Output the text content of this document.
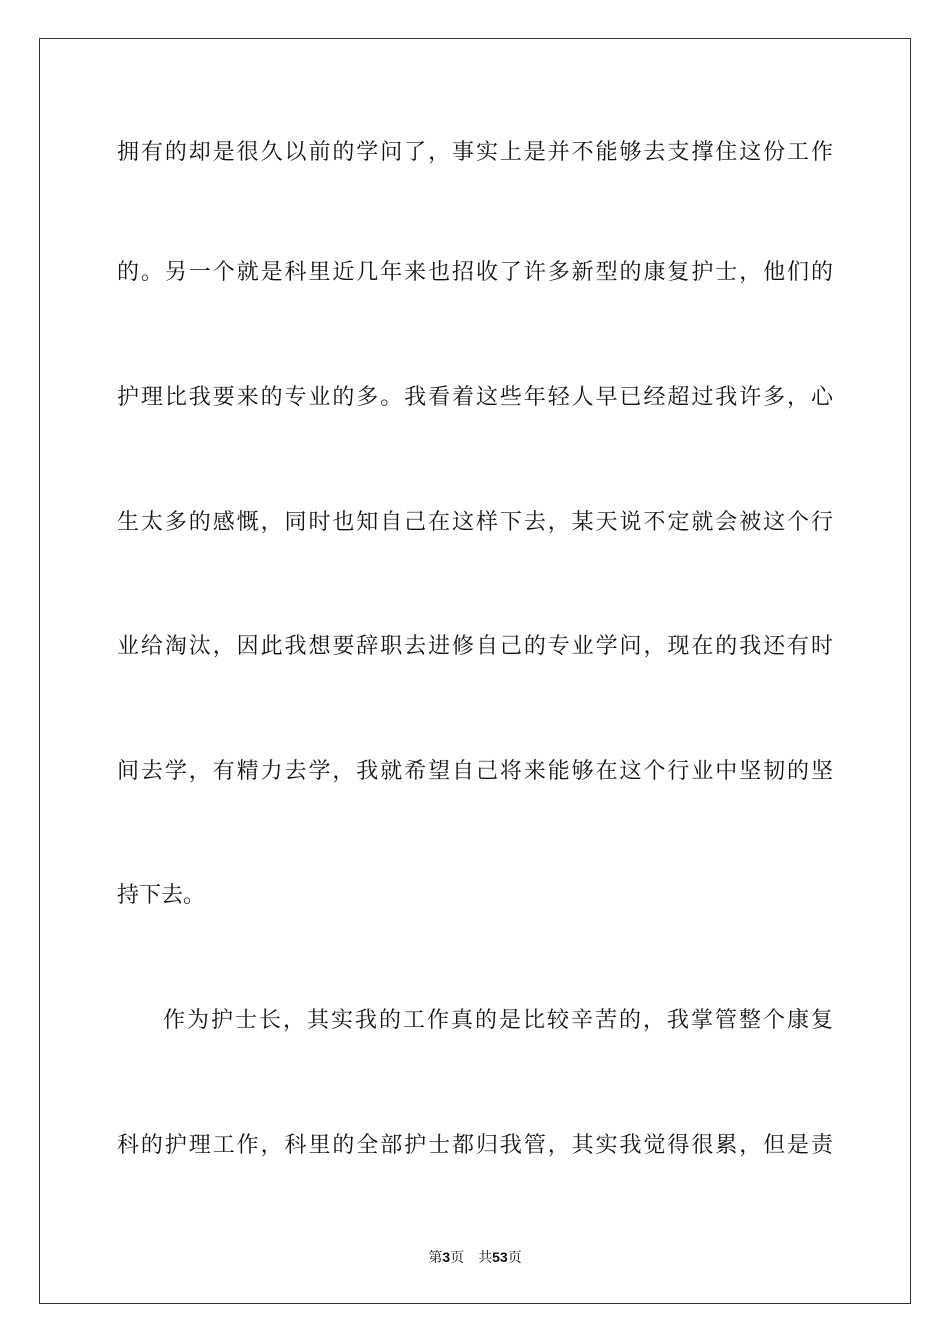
拥有的却是很久以前的学问了，事实上是并不能够去支撑住这份工作
的。另一个就是科里近几年来也招收了许多新型的康复护士，他们的
护理比我要来的专业的多。我看着这些年轻人早已经超过我许多，心
生太多的感慨，同时也知自己在这样下去，某天说不定就会被这个行
业给淘汰，因此我想要辞职去进修自己的专业学问，现在的我还有时
间去学，有精力去学，我就希望自己将来能够在这个行业中坚韧的坚
持下去。
作为护士长，其实我的工作真的是比较辛苦的，我掌管整个康复
科的护理工作，科里的全部护士都归我管，其实我觉得很累，但是责
第3页 共53页
